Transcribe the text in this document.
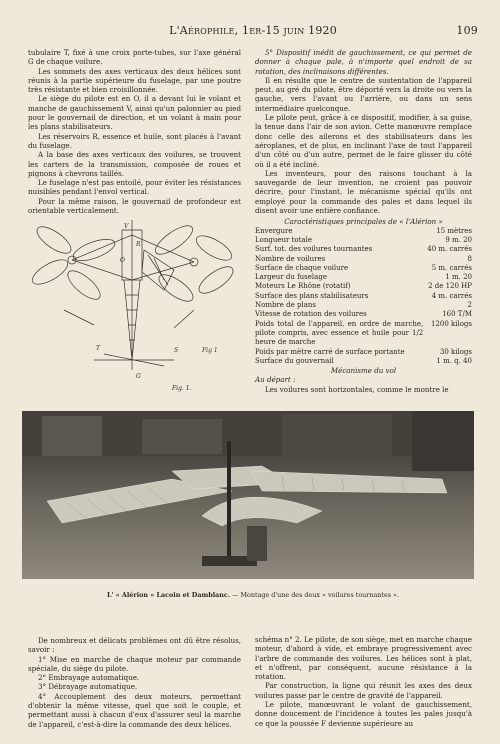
L'Aérophile, 1er-15 juin 1920	109

tubulaire T, fixé à une croix porte-tubes, sur l'axe général G de chaque voilure.

Les sommets des axes verticaux des deux hélices sont réunis à la partie supérieure du fuselage, par une poutre très résistante et bien croisillonnée.

Le siège du pilote est en O, il a devant lui le volant et manche de gauchissement V, ainsi qu'un palonnier au pied pour le gouvernail de direction, et un volant à main pour les plans stabilisateurs.

Les réservoirs R, essence et huile, sont placés à l'avant du fuselage.

A la base des axes verticaux des voilures, se trouvent les carters de la transmission, composée de roues et pignons à chevrons taillés.

Le fuselage n'est pas entoilé, pour éviter les résistances nuisibles pendant l'envol vertical.

Pour la même raison, le gouvernail de profondeur est orientable verticalement.

V
R
O
S
G
T	Fig 1
Fig. 1.

5° Dispositif inédit de gauchissement, ce qui permet de donner à chaque pale, à n'importe quel endroit de sa rotation, des inclinaisons différentes.

Il en résulte que le centre de sustentation de l'appareil peut, au gré du pilote, être déporté vers la droite ou vers la gauche, vers l'avant ou l'arrière, ou dans un sens intermédiaire quelconque.

Le pilote peut, grâce à ce dispositif, modifier, à sa guise, la tenue dans l'air de son avion. Cette manœuvre remplace donc celle des ailerons et des stabilisateurs dans les aéroplanes, et de plus, en inclinant l'axe de tout l'appareil d'un côté ou d'un autre, permet de le faire glisser du côté où il a été incliné.

Les inventeurs, pour des raisons touchant à la sauvegarde de leur invention, ne croient pas pouvoir décrire, pour l'instant, le mécanisme spécial qu'ils ont employé pour la commande des pales et dans lequel ils disent avoir une entière confiance.

Caractéristiques principales de « l'Alérion »

Envergure	15 mètres
Longueur totale	9 m. 20
Surf. tot. des voilures tournantes	40 m. carrés
Nombre de voilures	8
Surface de chaque voilure	5 m. carrés
Largeur du fuselage	1 m. 20
Moteurs Le Rhône (rotatif)	2 de 120 HP
Surface des plans stabilisateurs	4 m. carrés
Nombre de plans	2
Vitesse de rotation des voilures	160 T/M
Poids total de l'appareil, en ordre de marche, pilote compris, avec essence et huile pour 1/2 heure de marche	1200 kilogs
Poids par mètre carré de surface portante	30 kilogs
Surface du gouvernail	1 m. q. 40

Mécanisme du vol

Au départ :

Les voilures sont horizontales, comme le montre le

L' « Alérion » Lacoin et Damblanc. — Montage d'une des deux « voilures tournantes ».

De nombreux et délicats problèmes ont dû être résolus, savoir :

1° Mise en marche de chaque moteur par commande spéciale, du siège du pilote.

2° Embrayage automatique.

3° Débrayage automatique.

4° Accouplement des deux moteurs, permettant d'obtenir la même vitesse, quel que soit le couple, et permettant aussi à chacun d'eux d'assurer seul la marche de l'appareil, c'est-à-dire la commande des deux hélices.

schéma n° 2. Le pilote, de son siège, met en marche chaque moteur, d'abord à vide, et embraye progressivement avec l'arbre de commande des voilures. Les hélices sont à plat, et n'offrent, par conséquent, aucune résistance à la rotation.

Par construction, la ligne qui réunit les axes des deux voilures passe par le centre de gravité de l'appareil.

Le pilote, manœuvrant le volant de gauchissement, donne doucement de l'incidence à toutes les pales jusqu'à ce que la poussée F devienne supérieure au
